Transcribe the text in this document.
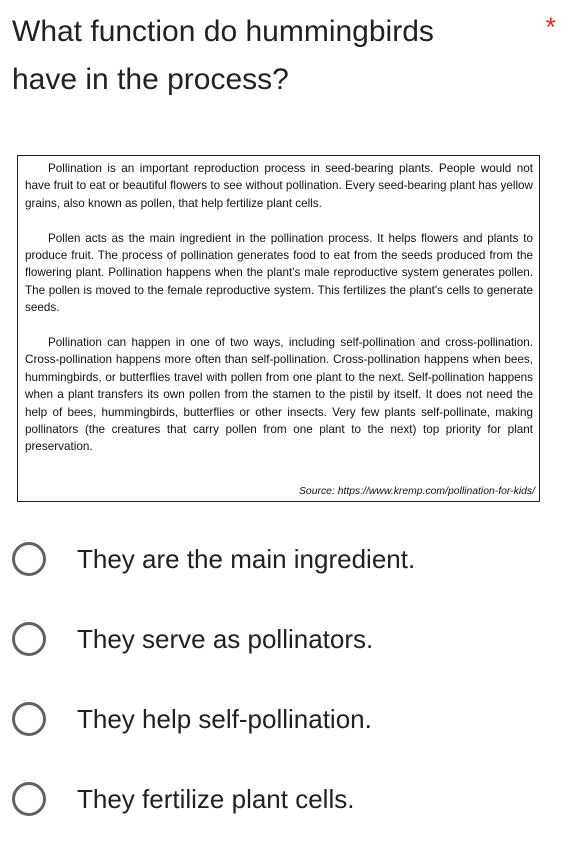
What function do hummingbirds
have in the process?
*

Pollination is an important reproduction process in seed-bearing plants. People would not have fruit to eat or beautiful flowers to see without pollination. Every seed-bearing plant has yellow grains, also known as pollen, that help fertilize plant cells.

Pollen acts as the main ingredient in the pollination process. It helps flowers and plants to produce fruit. The process of pollination generates food to eat from the seeds produced from the flowering plant. Pollination happens when the plant's male reproductive system generates pollen. The pollen is moved to the female reproductive system. This fertilizes the plant's cells to generate seeds.

Pollination can happen in one of two ways, including self-pollination and cross-pollination. Cross-pollination happens more often than self-pollination. Cross-pollination happens when bees, hummingbirds, or butterflies travel with pollen from one plant to the next. Self-pollination happens when a plant transfers its own pollen from the stamen to the pistil by itself. It does not need the help of bees, hummingbirds, butterflies or other insects. Very few plants self-pollinate, making pollinators (the creatures that carry pollen from one plant to the next) top priority for plant preservation.

Source: https://www.kremp.com/pollination-for-kids/
They are the main ingredient.
They serve as pollinators.
They help self-pollination.
They fertilize plant cells.
